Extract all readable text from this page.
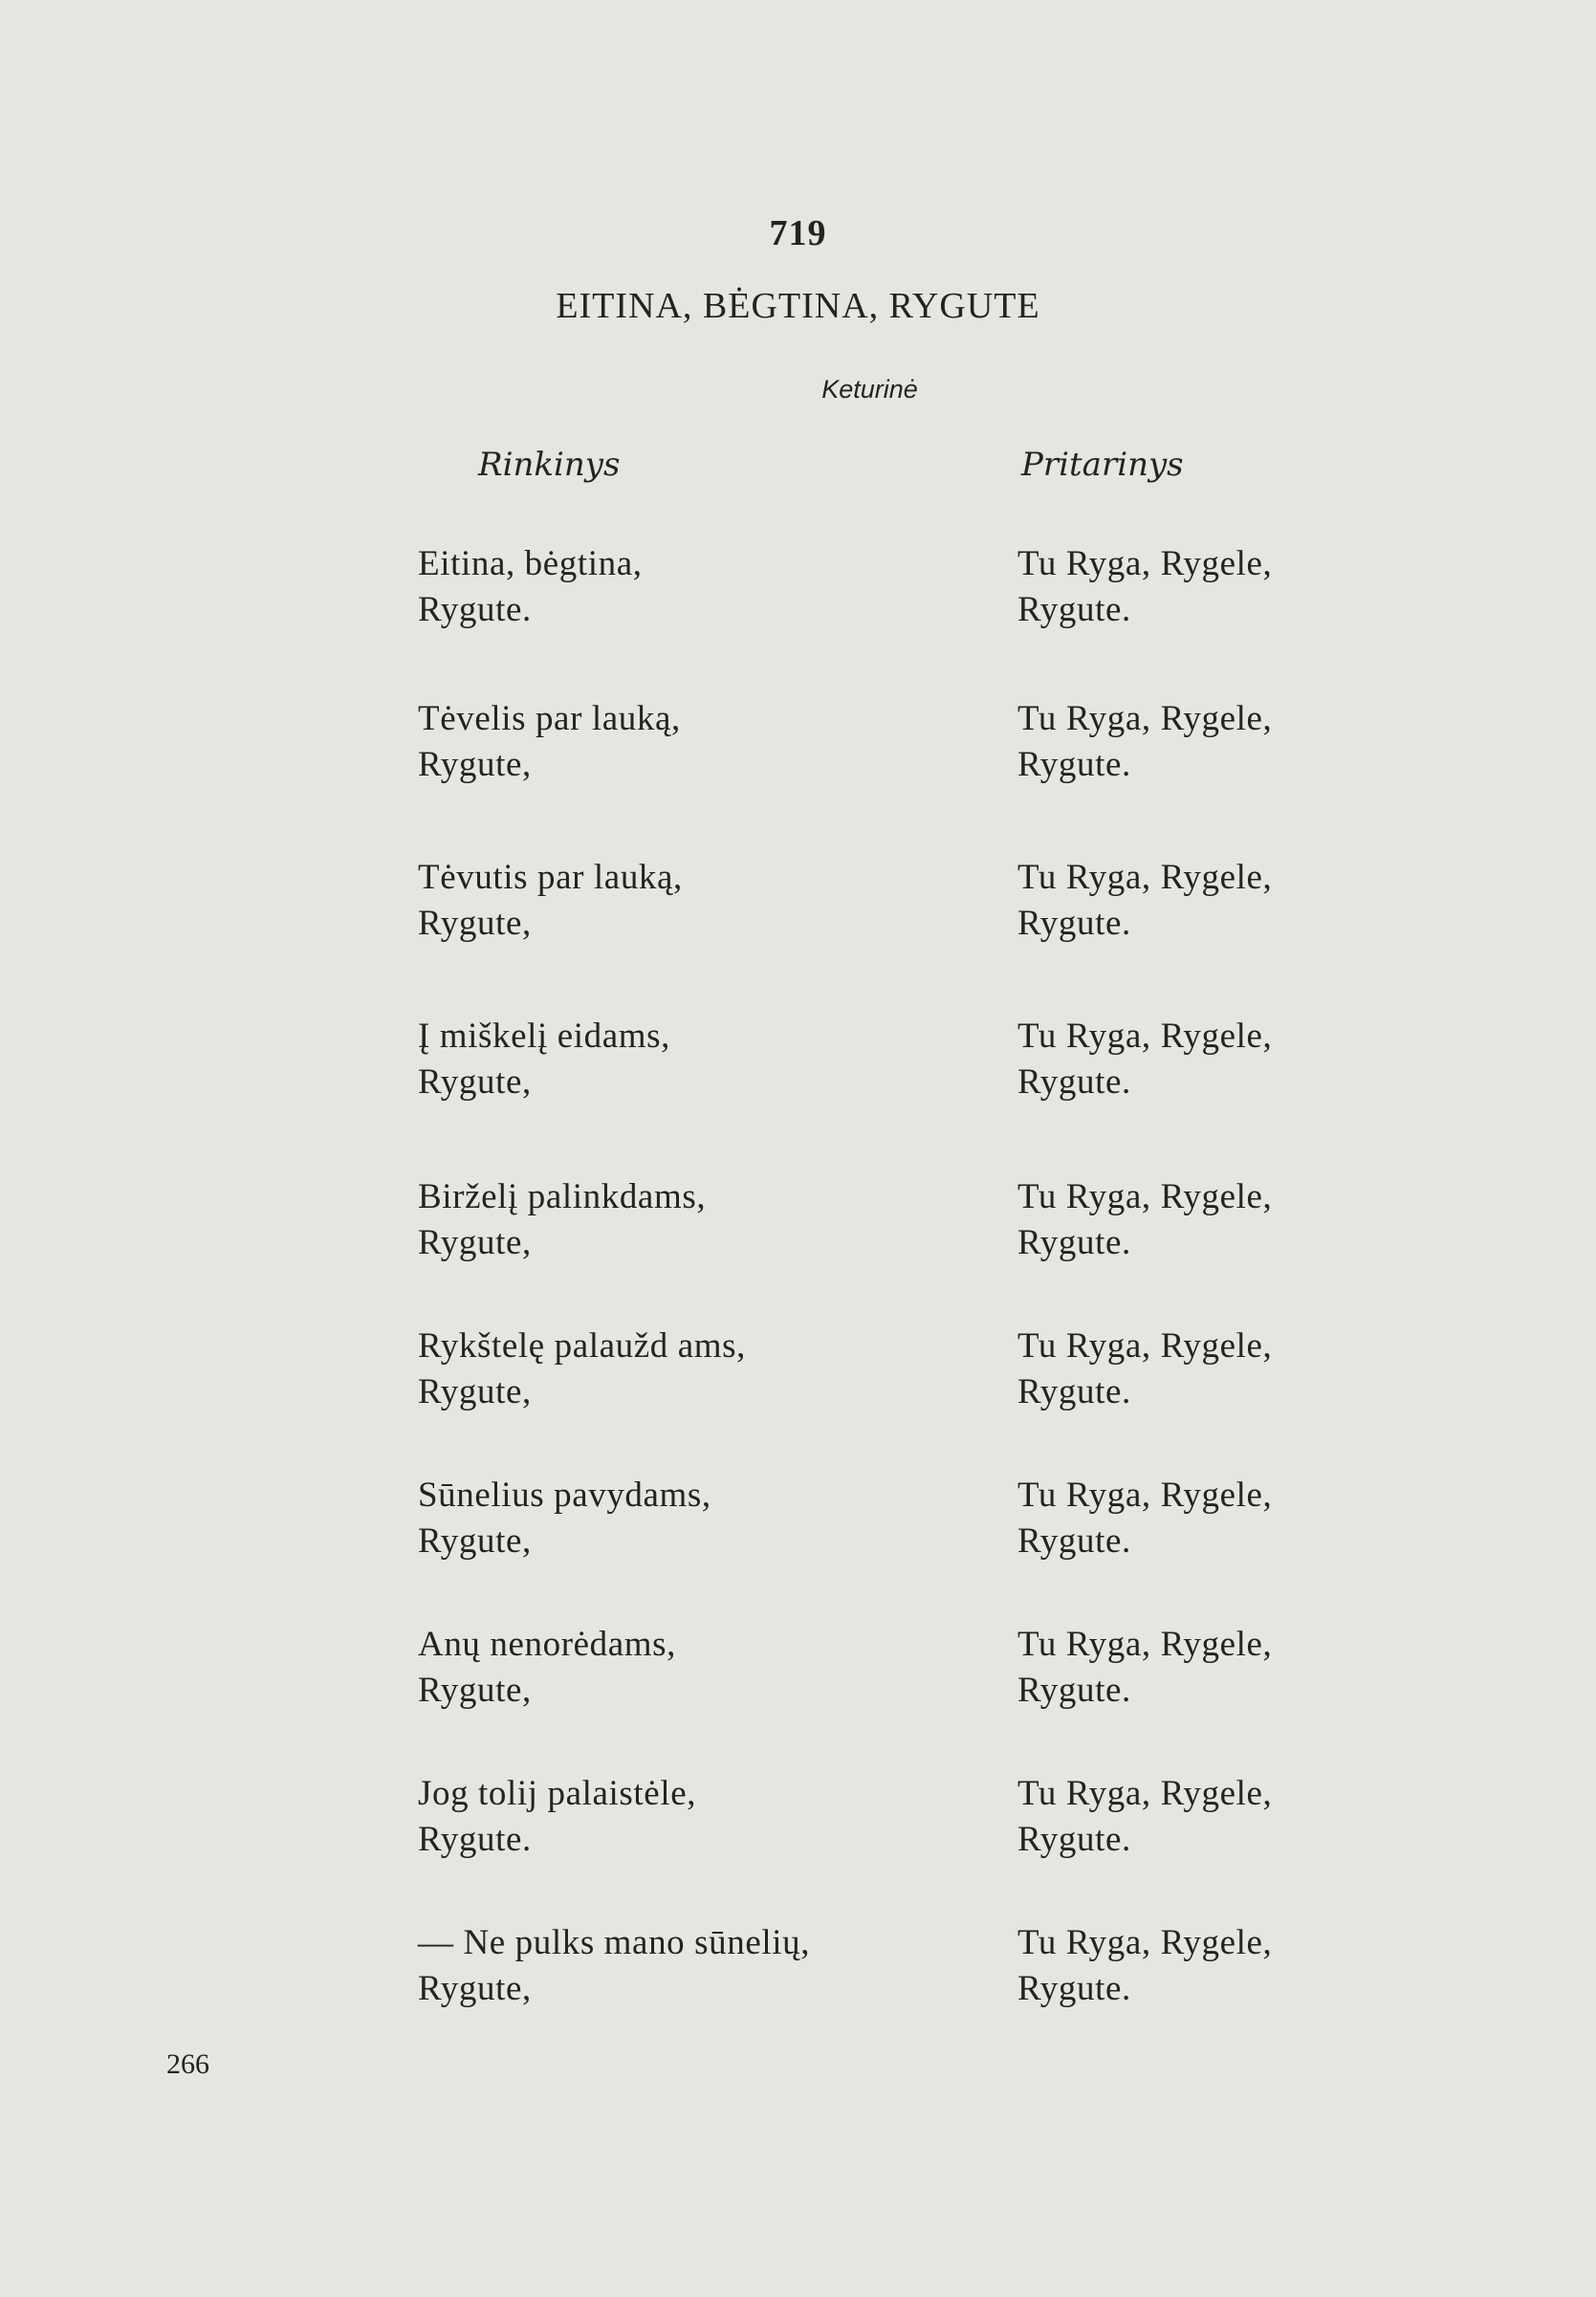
719
EITINA, BĖGTINA, RYGUTE
Keturinė
Rinkinys	Pritarinys
Eitina, bėgtina,
Rygute.
Tu Ryga, Rygele,
Rygute.
Tėvelis par lauką,
Rygute,
Tu Ryga, Rygele,
Rygute.
Tėvutis par lauką,
Rygute,
Tu Ryga, Rygele,
Rygute.
Į miškelį eidams,
Rygute,
Tu Ryga, Rygele,
Rygute.
Birželį palinkdams,
Rygute,
Tu Ryga, Rygele,
Rygute.
Rykštelę palaužd ams,
Rygute,
Tu Ryga, Rygele,
Rygute.
Sūnelius pavydams,
Rygute,
Tu Ryga, Rygele,
Rygute.
Anų nenorėdams,
Rygute,
Tu Ryga, Rygele,
Rygute.
Jog tolij palaistėle,
Rygute.
Tu Ryga, Rygele,
Rygute.
— Ne pulks mano sūnelių,
Rygute,
Tu Ryga, Rygele,
Rygute.
266
